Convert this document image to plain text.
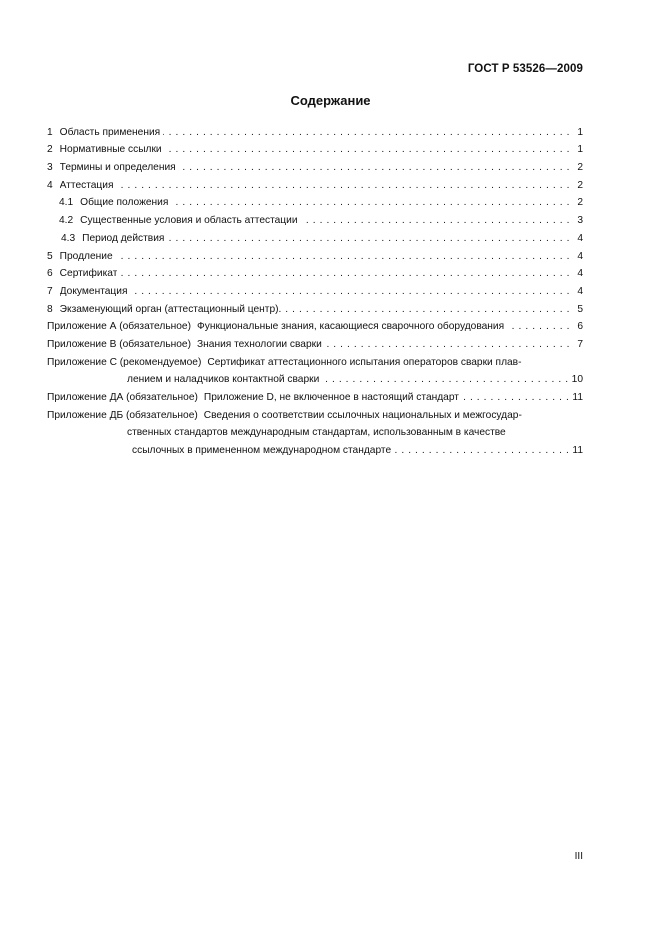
ГОСТ Р 53526—2009
Содержание
1 Область применения . . .	1
2 Нормативные ссылки . . .	1
3 Термины и определения . . .	2
4 Аттестация . . .	2
4.1 Общие положения . . .	2
4.2 Существенные условия и область аттестации . . .	3
4.3 Период действия . . .	4
5 Продление . . .	4
6 Сертификат . . .	4
7 Документация . . .	4
8 Экзаменующий орган (аттестационный центр). . . .	5
Приложение А (обязательное) Функциональные знания, касающиеся сварочного оборудования . . .	6
Приложение В (обязательное) Знания технологии сварки . . .	7
Приложение С (рекомендуемое) Сертификат аттестационного испытания операторов сварки плав-
лением и наладчиков контактной сварки . . .	10
Приложение ДА (обязательное) Приложение D, не включенное в настоящий стандарт . . .	11
Приложение ДБ (обязательное) Сведения о соответствии ссылочных национальных и межгосудар-
ственных стандартов международным стандартам, использованным в качестве
ссылочных в примененном международном стандарте . . .	11
III
